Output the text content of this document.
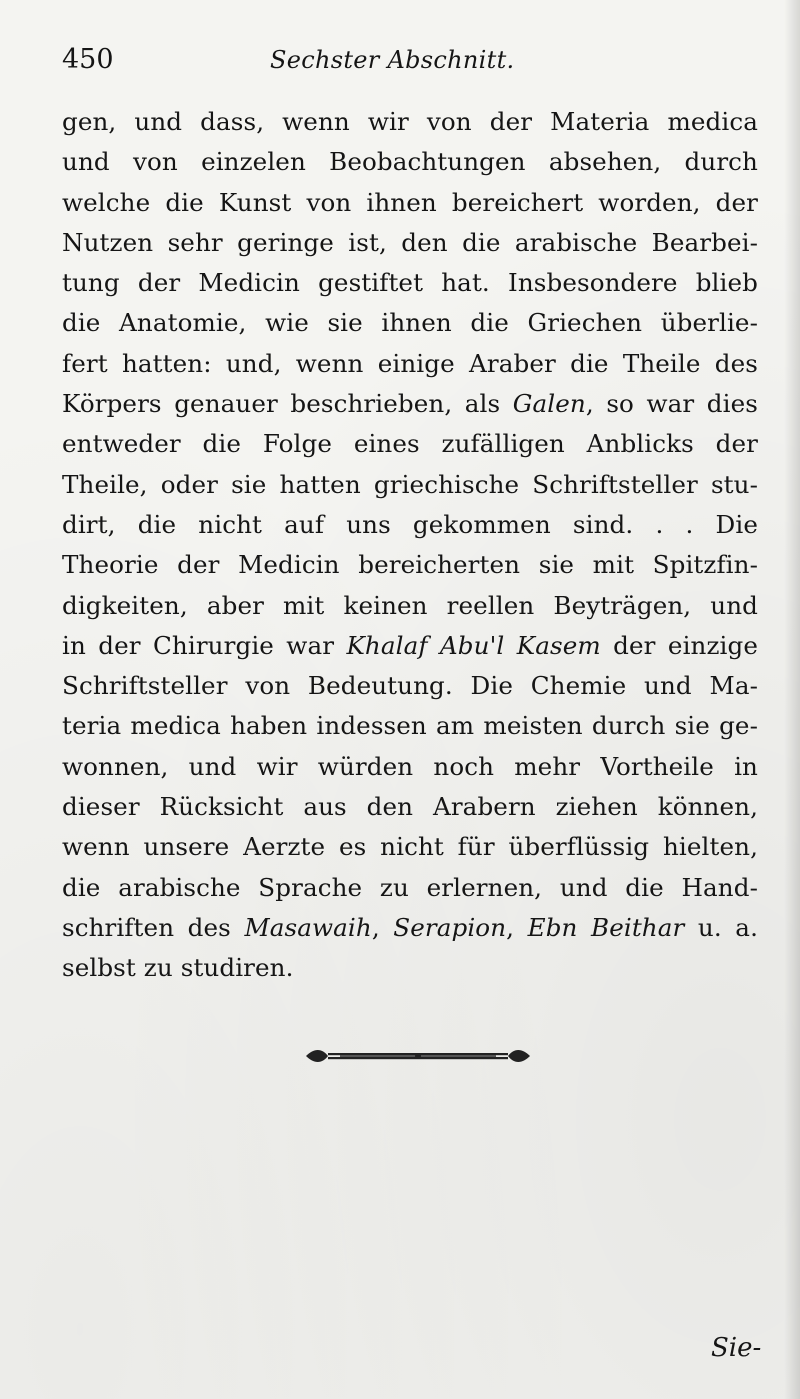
450	Sechster Abschnitt.
gen, und dass, wenn wir von der Materia medica
und von einzelen Beobachtungen absehen, durch
welche die Kunst von ihnen bereichert worden, der
Nutzen sehr geringe ist, den die arabische Bearbei-
tung der Medicin gestiftet hat. Insbesondere blieb
die Anatomie, wie sie ihnen die Griechen überlie-
fert hatten: und, wenn einige Araber die Theile des
Körpers genauer beschrieben, als Galen, so war dies
entweder die Folge eines zufälligen Anblicks der
Theile, oder sie hatten griechische Schriftsteller stu-
dirt, die nicht auf uns gekommen sind. . . Die
Theorie der Medicin bereicherten sie mit Spitzfin-
digkeiten, aber mit keinen reellen Beyträgen, und
in der Chirurgie war Khalaf Abu'l Kasem der einzige
Schriftsteller von Bedeutung. Die Chemie und Ma-
teria medica haben indessen am meisten durch sie ge-
wonnen, und wir würden noch mehr Vortheile in
dieser Rücksicht aus den Arabern ziehen können,
wenn unsere Aerzte es nicht für überflüssig hielten,
die arabische Sprache zu erlernen, und die Hand-
schriften des Masawaih, Serapion, Ebn Beithar u. a.
selbst zu studiren.
Sie-
